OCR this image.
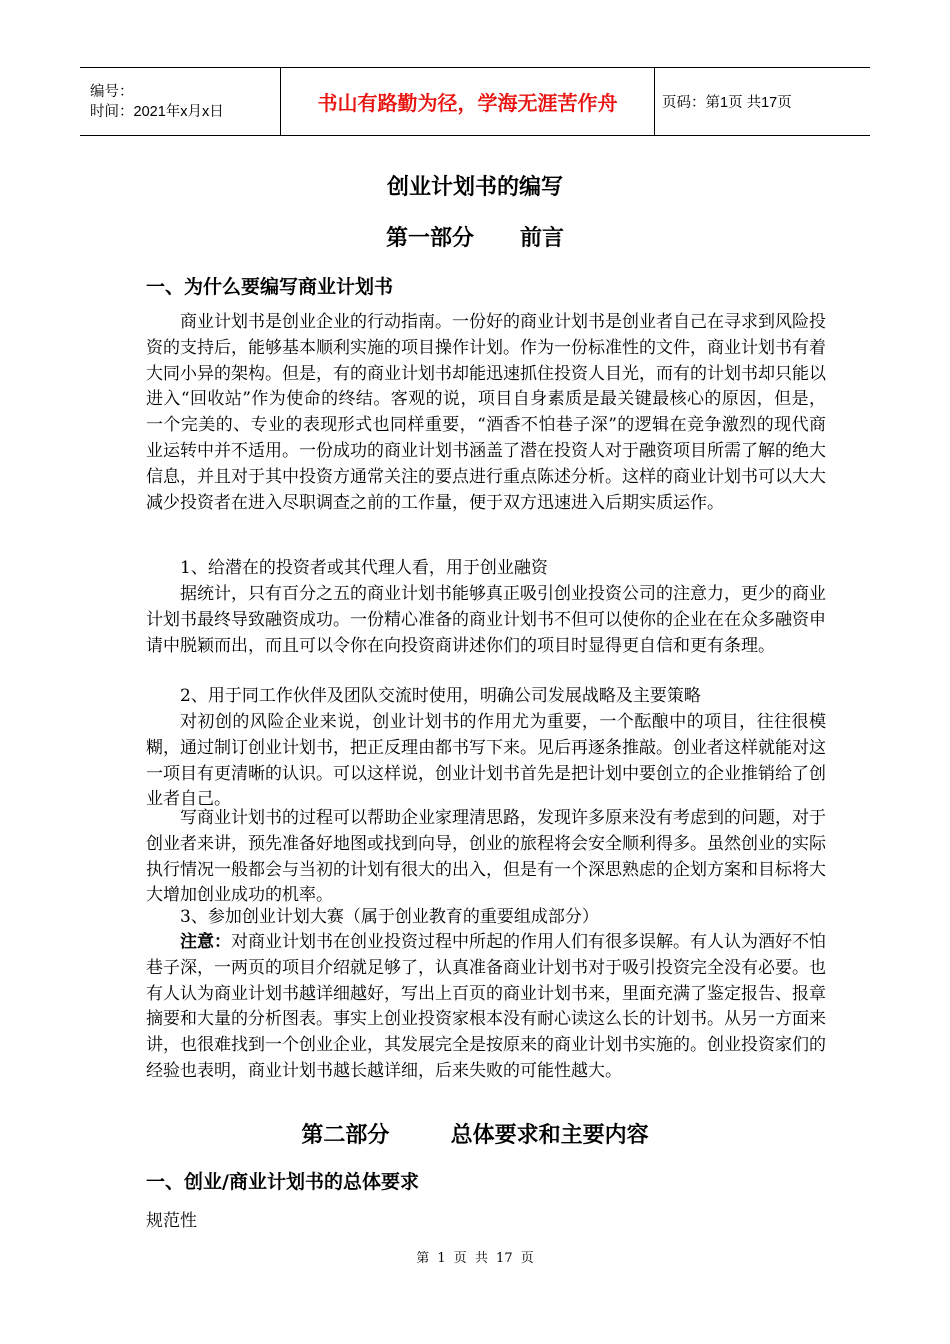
编号：
时间：2021年x月x日	书山有路勤为径，学海无涯苦作舟	页码：第1页 共17页
创业计划书的编写
第一部分      前言
一、为什么要编写商业计划书
商业计划书是创业企业的行动指南。一份好的商业计划书是创业者自己在寻求到风险投资的支持后，能够基本顺利实施的项目操作计划。作为一份标准性的文件，商业计划书有着大同小异的架构。但是，有的商业计划书却能迅速抓住投资人目光，而有的计划书却只能以进入“回收站”作为使命的终结。客观的说，项目自身素质是最关键最核心的原因，但是，一个完美的、专业的表现形式也同样重要，“酒香不怕巷子深”的逻辑在竞争激烈的现代商业运转中并不适用。一份成功的商业计划书涵盖了潜在投资人对于融资项目所需了解的绝大信息，并且对于其中投资方通常关注的要点进行重点陈述分析。这样的商业计划书可以大大减少投资者在进入尽职调查之前的工作量，便于双方迅速进入后期实质运作。
1、给潜在的投资者或其代理人看，用于创业融资
据统计，只有百分之五的商业计划书能够真正吸引创业投资公司的注意力，更少的商业计划书最终导致融资成功。一份精心准备的商业计划书不但可以使你的企业在在众多融资申请中脱颖而出，而且可以令你在向投资商讲述你们的项目时显得更自信和更有条理。
2、用于同工作伙伴及团队交流时使用，明确公司发展战略及主要策略
对初创的风险企业来说，创业计划书的作用尤为重要，一个酝酿中的项目，往往很模糊，通过制订创业计划书，把正反理由都书写下来。见后再逐条推敲。创业者这样就能对这一项目有更清晰的认识。可以这样说，创业计划书首先是把计划中要创立的企业推销给了创业者自己。
写商业计划书的过程可以帮助企业家理清思路，发现许多原来没有考虑到的问题，对于创业者来讲，预先准备好地图或找到向导，创业的旅程将会安全顺利得多。虽然创业的实际执行情况一般都会与当初的计划有很大的出入，但是有一个深思熟虑的企划方案和目标将大大增加创业成功的机率。
3、参加创业计划大赛（属于创业教育的重要组成部分）
注意：对商业计划书在创业投资过程中所起的作用人们有很多误解。有人认为酒好不怕巷子深，一两页的项目介绍就足够了，认真准备商业计划书对于吸引投资完全没有必要。也有人认为商业计划书越详细越好，写出上百页的商业计划书来，里面充满了鉴定报告、报章摘要和大量的分析图表。事实上创业投资家根本没有耐心读这么长的计划书。从另一方面来讲，也很难找到一个创业企业，其发展完全是按原来的商业计划书实施的。创业投资家们的经验也表明，商业计划书越长越详细，后来失败的可能性越大。
第二部分        总体要求和主要内容
一、创业/商业计划书的总体要求
规范性
第 1 页 共 17 页
